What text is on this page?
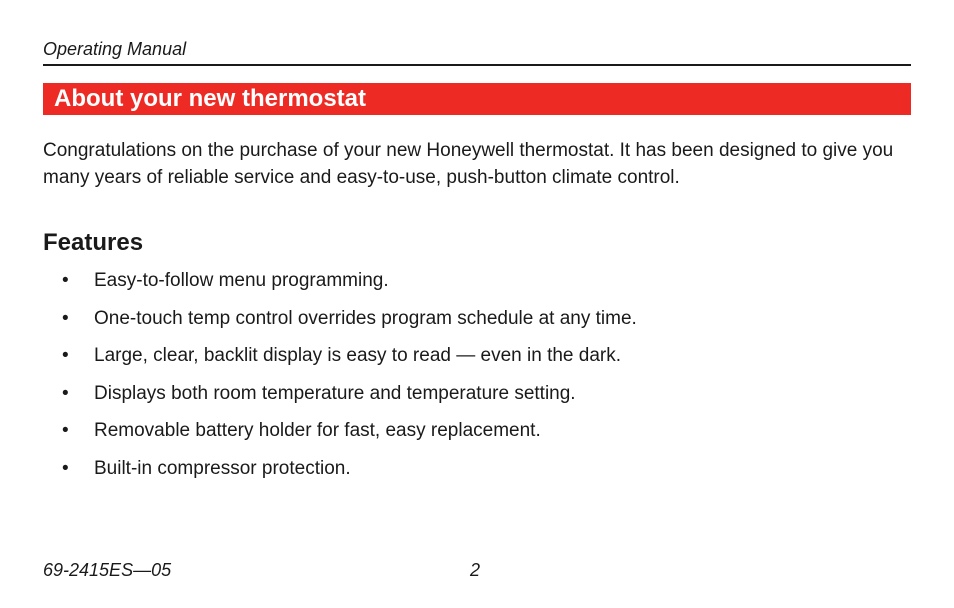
Operating Manual
About your new thermostat

Congratulations on the purchase of your new Honeywell thermostat. It has been designed to give you many years of reliable service and easy-to-use, push-button climate control.

Features
• Easy-to-follow menu programming.
• One-touch temp control overrides program schedule at any time.
• Large, clear, backlit display is easy to read — even in the dark.
• Displays both room temperature and temperature setting.
• Removable battery holder for fast, easy replacement.
• Built-in compressor protection.
69-2415ES—05	2
